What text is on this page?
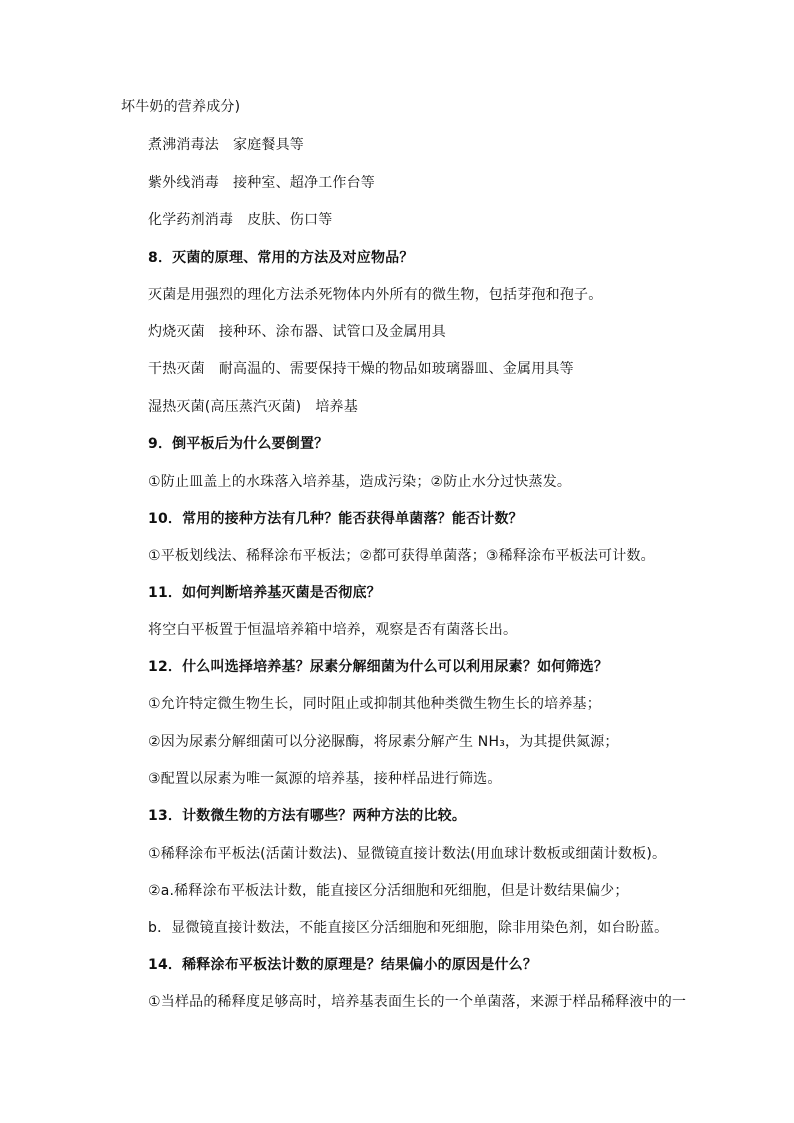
坏牛奶的营养成分)
煮沸消毒法 家庭餐具等
紫外线消毒 接种室、超净工作台等
化学药剂消毒 皮肤、伤口等
8．灭菌的原理、常用的方法及对应物品？
灭菌是用强烈的理化方法杀死物体内外所有的微生物，包括芽孢和孢子。
灼烧灭菌 接种环、涂布器、试管口及金属用具
干热灭菌 耐高温的、需要保持干燥的物品如玻璃器皿、金属用具等
湿热灭菌(高压蒸汽灭菌) 培养基
9．倒平板后为什么要倒置？
①防止皿盖上的水珠落入培养基，造成污染；②防止水分过快蒸发。
10．常用的接种方法有几种？能否获得单菌落？能否计数？
①平板划线法、稀释涂布平板法；②都可获得单菌落；③稀释涂布平板法可计数。
11．如何判断培养基灭菌是否彻底？
将空白平板置于恒温培养箱中培养，观察是否有菌落长出。
12．什么叫选择培养基？尿素分解细菌为什么可以利用尿素？如何筛选？
①允许特定微生物生长，同时阻止或抑制其他种类微生物生长的培养基；
②因为尿素分解细菌可以分泌脲酶，将尿素分解产生 NH₃，为其提供氮源；
③配置以尿素为唯一氮源的培养基，接种样品进行筛选。
13．计数微生物的方法有哪些？两种方法的比较。
①稀释涂布平板法(活菌计数法)、显微镜直接计数法(用血球计数板或细菌计数板)。
②a.稀释涂布平板法计数，能直接区分活细胞和死细胞，但是计数结果偏少；
b．显微镜直接计数法，不能直接区分活细胞和死细胞，除非用染色剂，如台盼蓝。
14．稀释涂布平板法计数的原理是？结果偏小的原因是什么？
①当样品的稀释度足够高时，培养基表面生长的一个单菌落，来源于样品稀释液中的一
